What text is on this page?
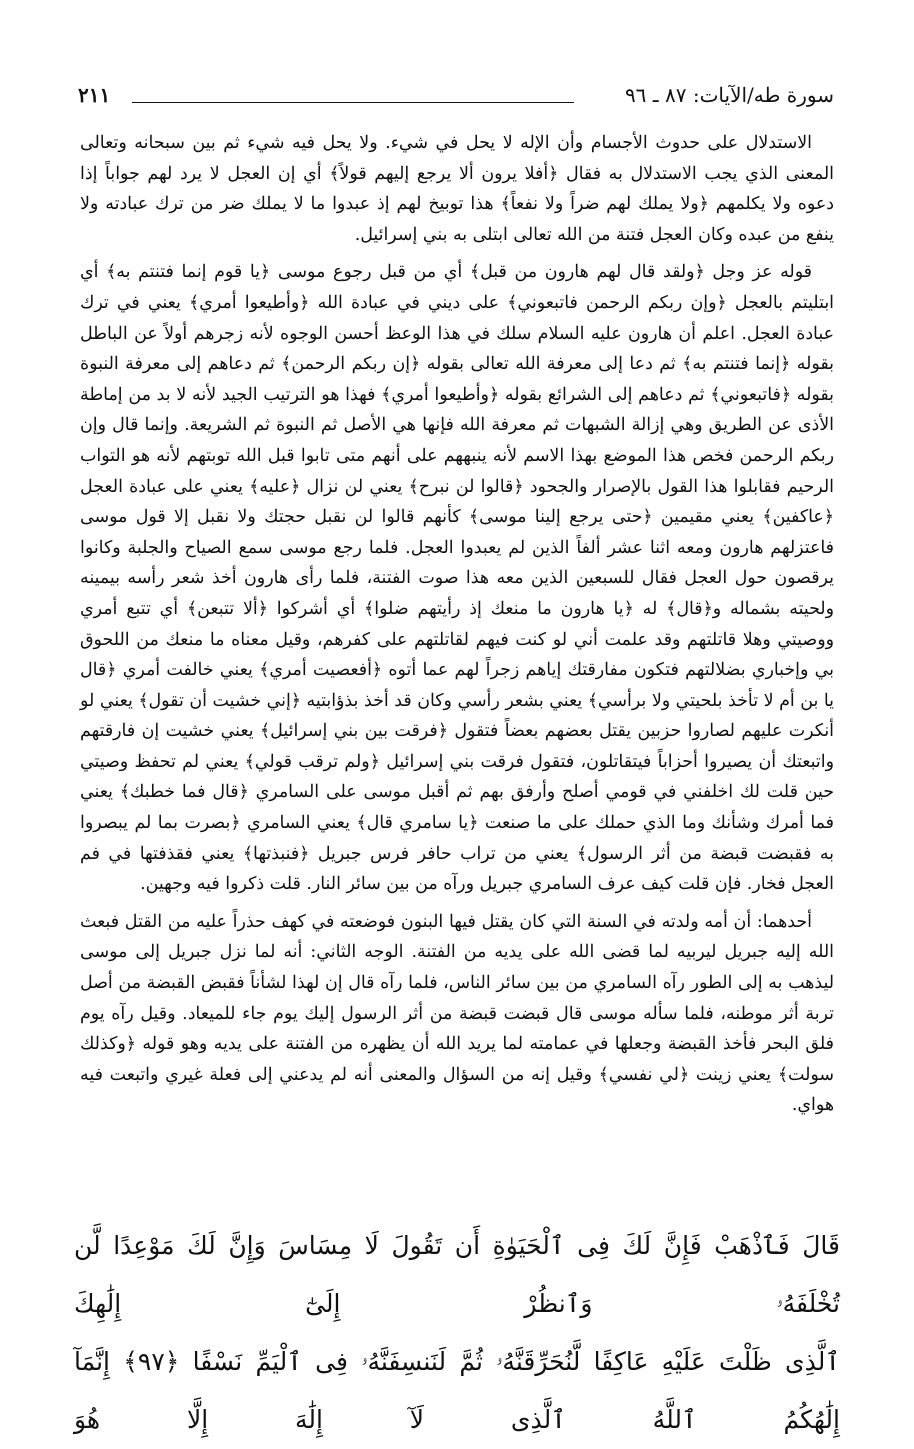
سورة طه/الآيات: ٨٧ ـ ٩٦
٢١١

الاستدلال على حدوث الأجسام وأن الإله لا يحل في شيء. ولا يحل فيه شيء ثم بين سبحانه وتعالى المعنى الذي يجب الاستدلال به فقال ﴿أفلا يرون ألا يرجع إليهم قولاً﴾ أي إن العجل لا يرد لهم جواباً إذا دعوه ولا يكلمهم ﴿ولا يملك لهم ضراً ولا نفعاً﴾ هذا توبيخ لهم إذ عبدوا ما لا يملك ضر من ترك عبادته ولا ينفع من عبده وكان العجل فتنة من الله تعالى ابتلى به بني إسرائيل.

قوله عز وجل ﴿ولقد قال لهم هارون من قبل﴾ أي من قبل رجوع موسى ﴿يا قوم إنما فتنتم به﴾ أي ابتليتم بالعجل ﴿وإن ربكم الرحمن فاتبعوني﴾ على ديني في عبادة الله ﴿وأطيعوا أمري﴾ يعني في ترك عبادة العجل. اعلم أن هارون عليه السلام سلك في هذا الوعظ أحسن الوجوه لأنه زجرهم أولاً عن الباطل بقوله ﴿إنما فتنتم به﴾ ثم دعا إلى معرفة الله تعالى بقوله ﴿إن ربكم الرحمن﴾ ثم دعاهم إلى معرفة النبوة بقوله ﴿فاتبعوني﴾ ثم دعاهم إلى الشرائع بقوله ﴿وأطيعوا أمري﴾ فهذا هو الترتيب الجيد لأنه لا بد من إماطة الأذى عن الطريق وهي إزالة الشبهات ثم معرفة الله فإنها هي الأصل ثم النبوة ثم الشريعة. وإنما قال وإن ربكم الرحمن فخص هذا الموضع بهذا الاسم لأنه ينبههم على أنهم متى تابوا قبل الله توبتهم لأنه هو التواب الرحيم فقابلوا هذا القول بالإصرار والجحود ﴿قالوا لن نبرح﴾ يعني لن نزال ﴿عليه﴾ يعني على عبادة العجل ﴿عاكفين﴾ يعني مقيمين ﴿حتى يرجع إلينا موسى﴾ كأنهم قالوا لن نقبل حجتك ولا نقبل إلا قول موسى فاعتزلهم هارون ومعه اثنا عشر ألفاً الذين لم يعبدوا العجل. فلما رجع موسى سمع الصياح والجلبة وكانوا يرقصون حول العجل فقال للسبعين الذين معه هذا صوت الفتنة، فلما رأى هارون أخذ شعر رأسه بيمينه ولحيته بشماله و﴿قال﴾ له ﴿يا هارون ما منعك إذ رأيتهم ضلوا﴾ أي أشركوا ﴿ألا تتبعن﴾ أي تتبع أمري ووصيتي وهلا قاتلتهم وقد علمت أني لو كنت فيهم لقاتلتهم على كفرهم، وقيل معناه ما منعك من اللحوق بي وإخباري بضلالتهم فتكون مفارقتك إياهم زجراً لهم عما أتوه ﴿أفعصيت أمري﴾ يعني خالفت أمري ﴿قال يا بن أم لا تأخذ بلحيتي ولا برأسي﴾ يعني بشعر رأسي وكان قد أخذ بذؤابتيه ﴿إني خشيت أن تقول﴾ يعني لو أنكرت عليهم لصاروا حزبين يقتل بعضهم بعضاً فتقول ﴿فرقت بين بني إسرائيل﴾ يعني خشيت إن فارقتهم واتبعتك أن يصيروا أحزاباً فيتقاتلون، فتقول فرقت بني إسرائيل ﴿ولم ترقب قولي﴾ يعني لم تحفظ وصيتي حين قلت لك اخلفني في قومي أصلح وأرفق بهم ثم أقبل موسى على السامري ﴿قال فما خطبك﴾ يعني فما أمرك وشأنك وما الذي حملك على ما صنعت ﴿يا سامري قال﴾ يعني السامري ﴿بصرت بما لم يبصروا به فقبضت قبضة من أثر الرسول﴾ يعني من تراب حافر فرس جبريل ﴿فنبذتها﴾ يعني فقذفتها في فم العجل فخار. فإن قلت كيف عرف السامري جبريل ورآه من بين سائر النار. قلت ذكروا فيه وجهين.

أحدهما: أن أمه ولدته في السنة التي كان يقتل فيها البنون فوضعته في كهف حذراً عليه من القتل فبعث الله إليه جبريل ليربيه لما قضى الله على يديه من الفتنة. الوجه الثاني: أنه لما نزل جبريل إلى موسى ليذهب به إلى الطور رآه السامري من بين سائر الناس، فلما رآه قال إن لهذا لشأناً فقبض القبضة من أصل تربة أثر موطنه، فلما سأله موسى قال قبضت قبضة من أثر الرسول إليك يوم جاء للميعاد. وقيل رآه يوم فلق البحر فأخذ القبضة وجعلها في عمامته لما يريد الله أن يظهره من الفتنة على يديه وهو قوله ﴿وكذلك سولت﴾ يعني زينت ﴿لي نفسي﴾ وقيل إنه من السؤال والمعنى أنه لم يدعني إلى فعلة غيري واتبعت فيه هواي.

قَالَ فَٱذْهَبْ فَإِنَّ لَكَ فِى ٱلْحَيَوٰةِ أَن تَقُولَ لَا مِسَاسَ وَإِنَّ لَكَ مَوْعِدًا لَّن تُخْلَفَهُۥ وَٱنظُرْ إِلَىٰٓ إِلَٰهِكَ

ٱلَّذِى ظَلْتَ عَلَيْهِ عَاكِفًا لَّنُحَرِّقَنَّهُۥ ثُمَّ لَنَنسِفَنَّهُۥ فِى ٱلْيَمِّ نَسْفًا ﴿٩٧﴾ إِنَّمَآ إِلَٰهُكُمُ ٱللَّهُ ٱلَّذِى لَآ إِلَٰهَ إِلَّا هُوَ
